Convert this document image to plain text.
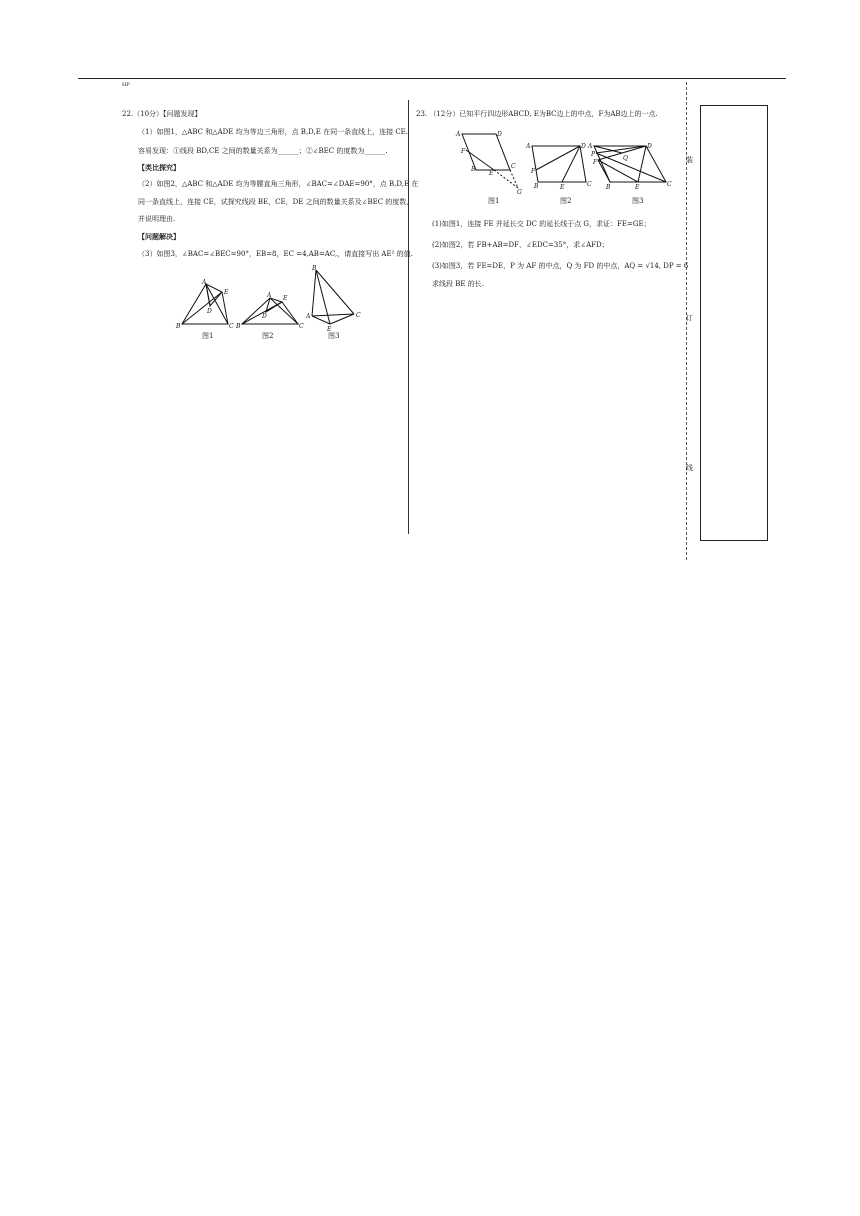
HP
装
订
线
22.（10分）【问题发现】
（1）如图1，△ABC 和△ADE 均为等边三角形，点 B,D,E 在同一条直线上，连接 CE.
容易发现：①线段 BD,CE 之间的数量关系为______；②∠BEC 的度数为______.
【类比探究】
（2）如图2，△ABC 和△ADE 均为等腰直角三角形，∠BAC=∠DAE=90°，点 B,D,E 在
同一条直线上，连接 CE，试探究线段 BE，CE，DE 之间的数量关系及∠BEC 的度数，
并说明理由.
【问题解决】
（3）如图3，∠BAC=∠BEC=90°，EB=8，EC =4,AB=AC,，请直接写出 AE² 的值.
A
E
D
B	C
A E
D
B	C
B
A	C
E
图1	图2	图3
23. （12分）已知平行四边形ABCD, E为BC边上的中点，F为AB边上的一点.
A	D
F
B
E
C
G
A	D
F
B	E	C
A	D
P
Q
F
B	E	C
图1	图2	图3
(1)如图1，连接 FE 并延长交 DC 的延长线于点 G，求证：FE=GE；
(2)如图2，若 FB+AB=DF，∠EDC=35°，求∠AFD；
(3)如图3，若 FE=DE，P 为 AF 的中点，Q 为 FD 的中点，AQ = √14, DP = 6
求线段 BE 的长.
